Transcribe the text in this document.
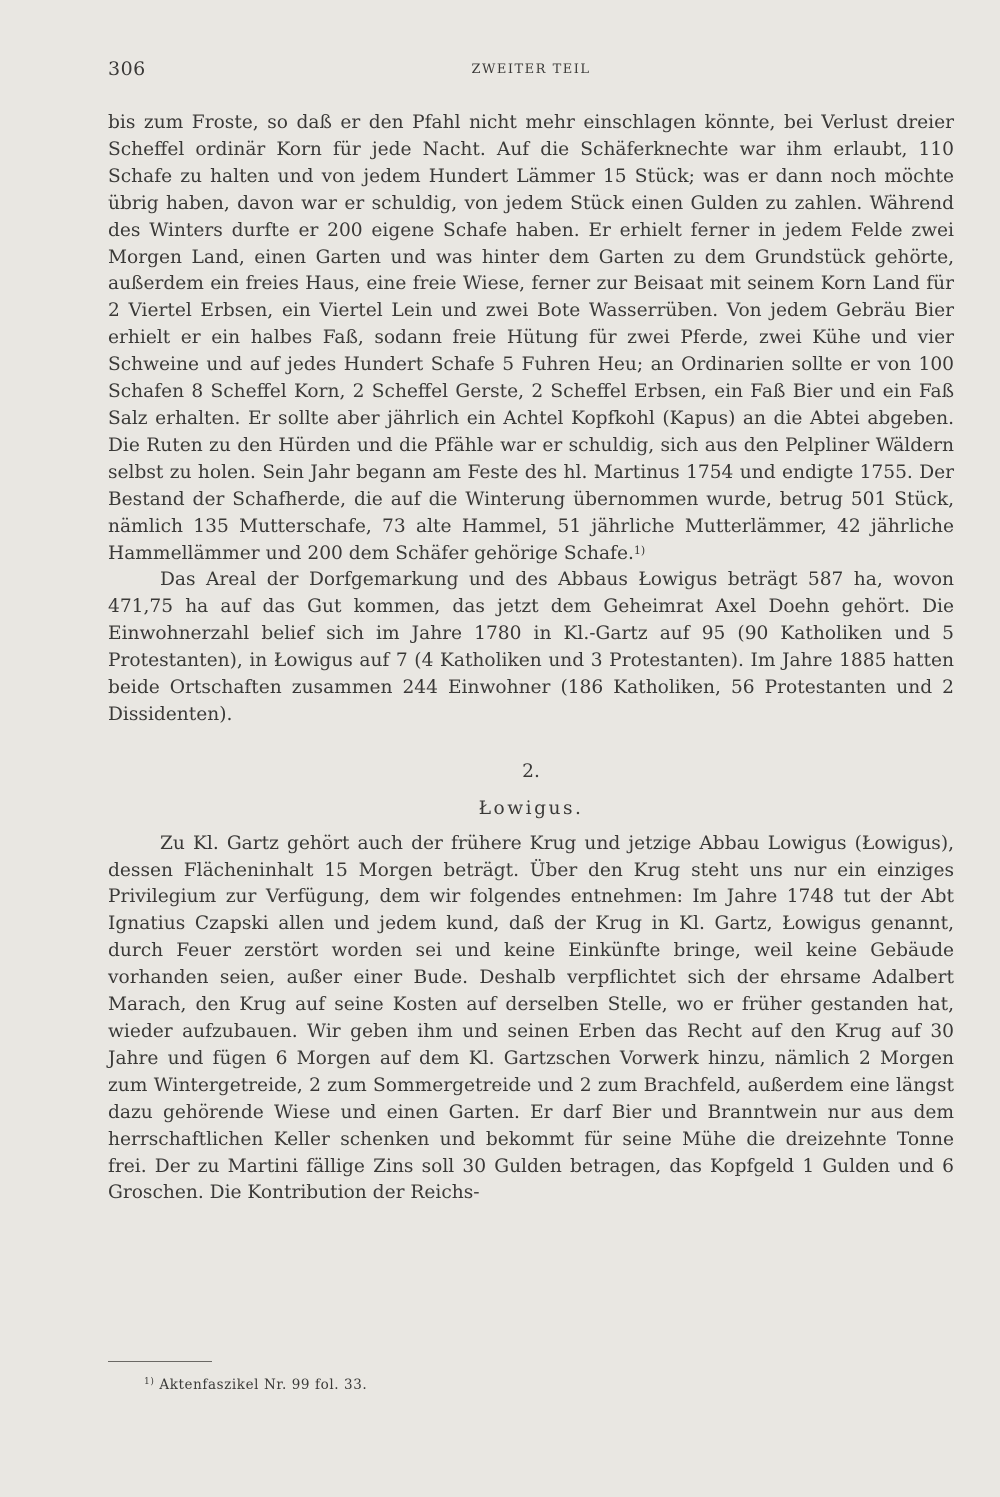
306	ZWEITER TEIL

bis zum Froste, so daß er den Pfahl nicht mehr einschlagen könnte, bei Verlust dreier Scheffel ordinär Korn für jede Nacht. Auf die Schäferknechte war ihm erlaubt, 110 Schafe zu halten und von jedem Hundert Lämmer 15 Stück; was er dann noch möchte übrig haben, davon war er schuldig, von jedem Stück einen Gulden zu zahlen. Während des Winters durfte er 200 eigene Schafe haben. Er erhielt ferner in jedem Felde zwei Morgen Land, einen Garten und was hinter dem Garten zu dem Grundstück gehörte, außerdem ein freies Haus, eine freie Wiese, ferner zur Beisaat mit seinem Korn Land für 2 Viertel Erbsen, ein Viertel Lein und zwei Bote Wasserrüben. Von jedem Gebräu Bier erhielt er ein halbes Faß, sodann freie Hütung für zwei Pferde, zwei Kühe und vier Schweine und auf jedes Hundert Schafe 5 Fuhren Heu; an Ordinarien sollte er von 100 Schafen 8 Scheffel Korn, 2 Scheffel Gerste, 2 Scheffel Erbsen, ein Faß Bier und ein Faß Salz erhalten. Er sollte aber jährlich ein Achtel Kopfkohl (Kapus) an die Abtei abgeben. Die Ruten zu den Hürden und die Pfähle war er schuldig, sich aus den Pelpliner Wäldern selbst zu holen. Sein Jahr begann am Feste des hl. Martinus 1754 und endigte 1755. Der Bestand der Schafherde, die auf die Winterung übernommen wurde, betrug 501 Stück, nämlich 135 Mutterschafe, 73 alte Hammel, 51 jährliche Mutterlämmer, 42 jährliche Hammellämmer und 200 dem Schäfer gehörige Schafe.$^{1)}$

Das Areal der Dorfgemarkung und des Abbaus Łowigus beträgt 587 ha, wovon 471,75 ha auf das Gut kommen, das jetzt dem Geheimrat Axel Doehn gehört. Die Einwohnerzahl belief sich im Jahre 1780 in Kl.-Gartz auf 95 (90 Katholiken und 5 Protestanten), in Łowigus auf 7 (4 Katholiken und 3 Protestanten). Im Jahre 1885 hatten beide Ortschaften zusammen 244 Einwohner (186 Katholiken, 56 Protestanten und 2 Dissidenten).

2.

Łowigus.

Zu Kl. Gartz gehört auch der frühere Krug und jetzige Abbau Lowigus (Łowigus), dessen Flächeninhalt 15 Morgen beträgt. Über den Krug steht uns nur ein einziges Privilegium zur Verfügung, dem wir folgendes entnehmen: Im Jahre 1748 tut der Abt Ignatius Czapski allen und jedem kund, daß der Krug in Kl. Gartz, Łowigus genannt, durch Feuer zerstört worden sei und keine Einkünfte bringe, weil keine Gebäude vorhanden seien, außer einer Bude. Deshalb verpflichtet sich der ehrsame Adalbert Marach, den Krug auf seine Kosten auf derselben Stelle, wo er früher gestanden hat, wieder aufzubauen. Wir geben ihm und seinen Erben das Recht auf den Krug auf 30 Jahre und fügen 6 Morgen auf dem Kl. Gartzschen Vorwerk hinzu, nämlich 2 Morgen zum Wintergetreide, 2 zum Sommergetreide und 2 zum Brachfeld, außerdem eine längst dazu gehörende Wiese und einen Garten. Er darf Bier und Branntwein nur aus dem herrschaftlichen Keller schenken und bekommt für seine Mühe die dreizehnte Tonne frei. Der zu Martini fällige Zins soll 30 Gulden betragen, das Kopfgeld 1 Gulden und 6 Groschen. Die Kontribution der Reichs-

$^{1)}$ Aktenfaszikel Nr. 99 fol. 33.
